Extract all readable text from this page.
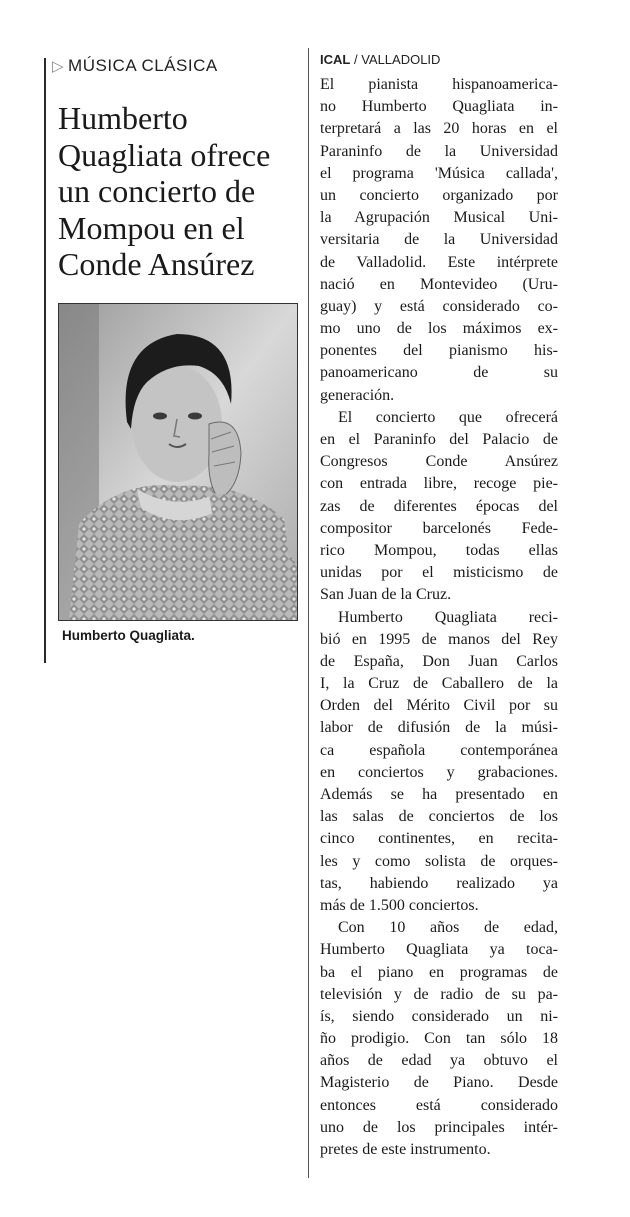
▷ MÚSICA CLÁSICA
Humberto
Quagliata ofrece
un concierto de
Mompou en el
Conde Ansúrez
Humberto Quagliata.
ICAL / VALLADOLID
El pianista hispanoamerica-
no Humberto Quagliata in-
terpretará a las 20 horas en el
Paraninfo de la Universidad
el programa 'Música callada',
un concierto organizado por
la Agrupación Musical Uni-
versitaria de la Universidad
de Valladolid. Este intérprete
nació en Montevideo (Uru-
guay) y está considerado co-
mo uno de los máximos ex-
ponentes del pianismo his-
panoamericano de su
generación.
El concierto que ofrecerá
en el Paraninfo del Palacio de
Congresos Conde Ansúrez
con entrada libre, recoge pie-
zas de diferentes épocas del
compositor barcelonés Fede-
rico Mompou, todas ellas
unidas por el misticismo de
San Juan de la Cruz.
Humberto Quagliata reci-
bió en 1995 de manos del Rey
de España, Don Juan Carlos
I, la Cruz de Caballero de la
Orden del Mérito Civil por su
labor de difusión de la músi-
ca española contemporánea
en conciertos y grabaciones.
Además se ha presentado en
las salas de conciertos de los
cinco continentes, en recita-
les y como solista de orques-
tas, habiendo realizado ya
más de 1.500 conciertos.
Con 10 años de edad,
Humberto Quagliata ya toca-
ba el piano en programas de
televisión y de radio de su pa-
ís, siendo considerado un ni-
ño prodigio. Con tan sólo 18
años de edad ya obtuvo el
Magisterio de Piano. Desde
entonces está considerado
uno de los principales intér-
pretes de este instrumento.
